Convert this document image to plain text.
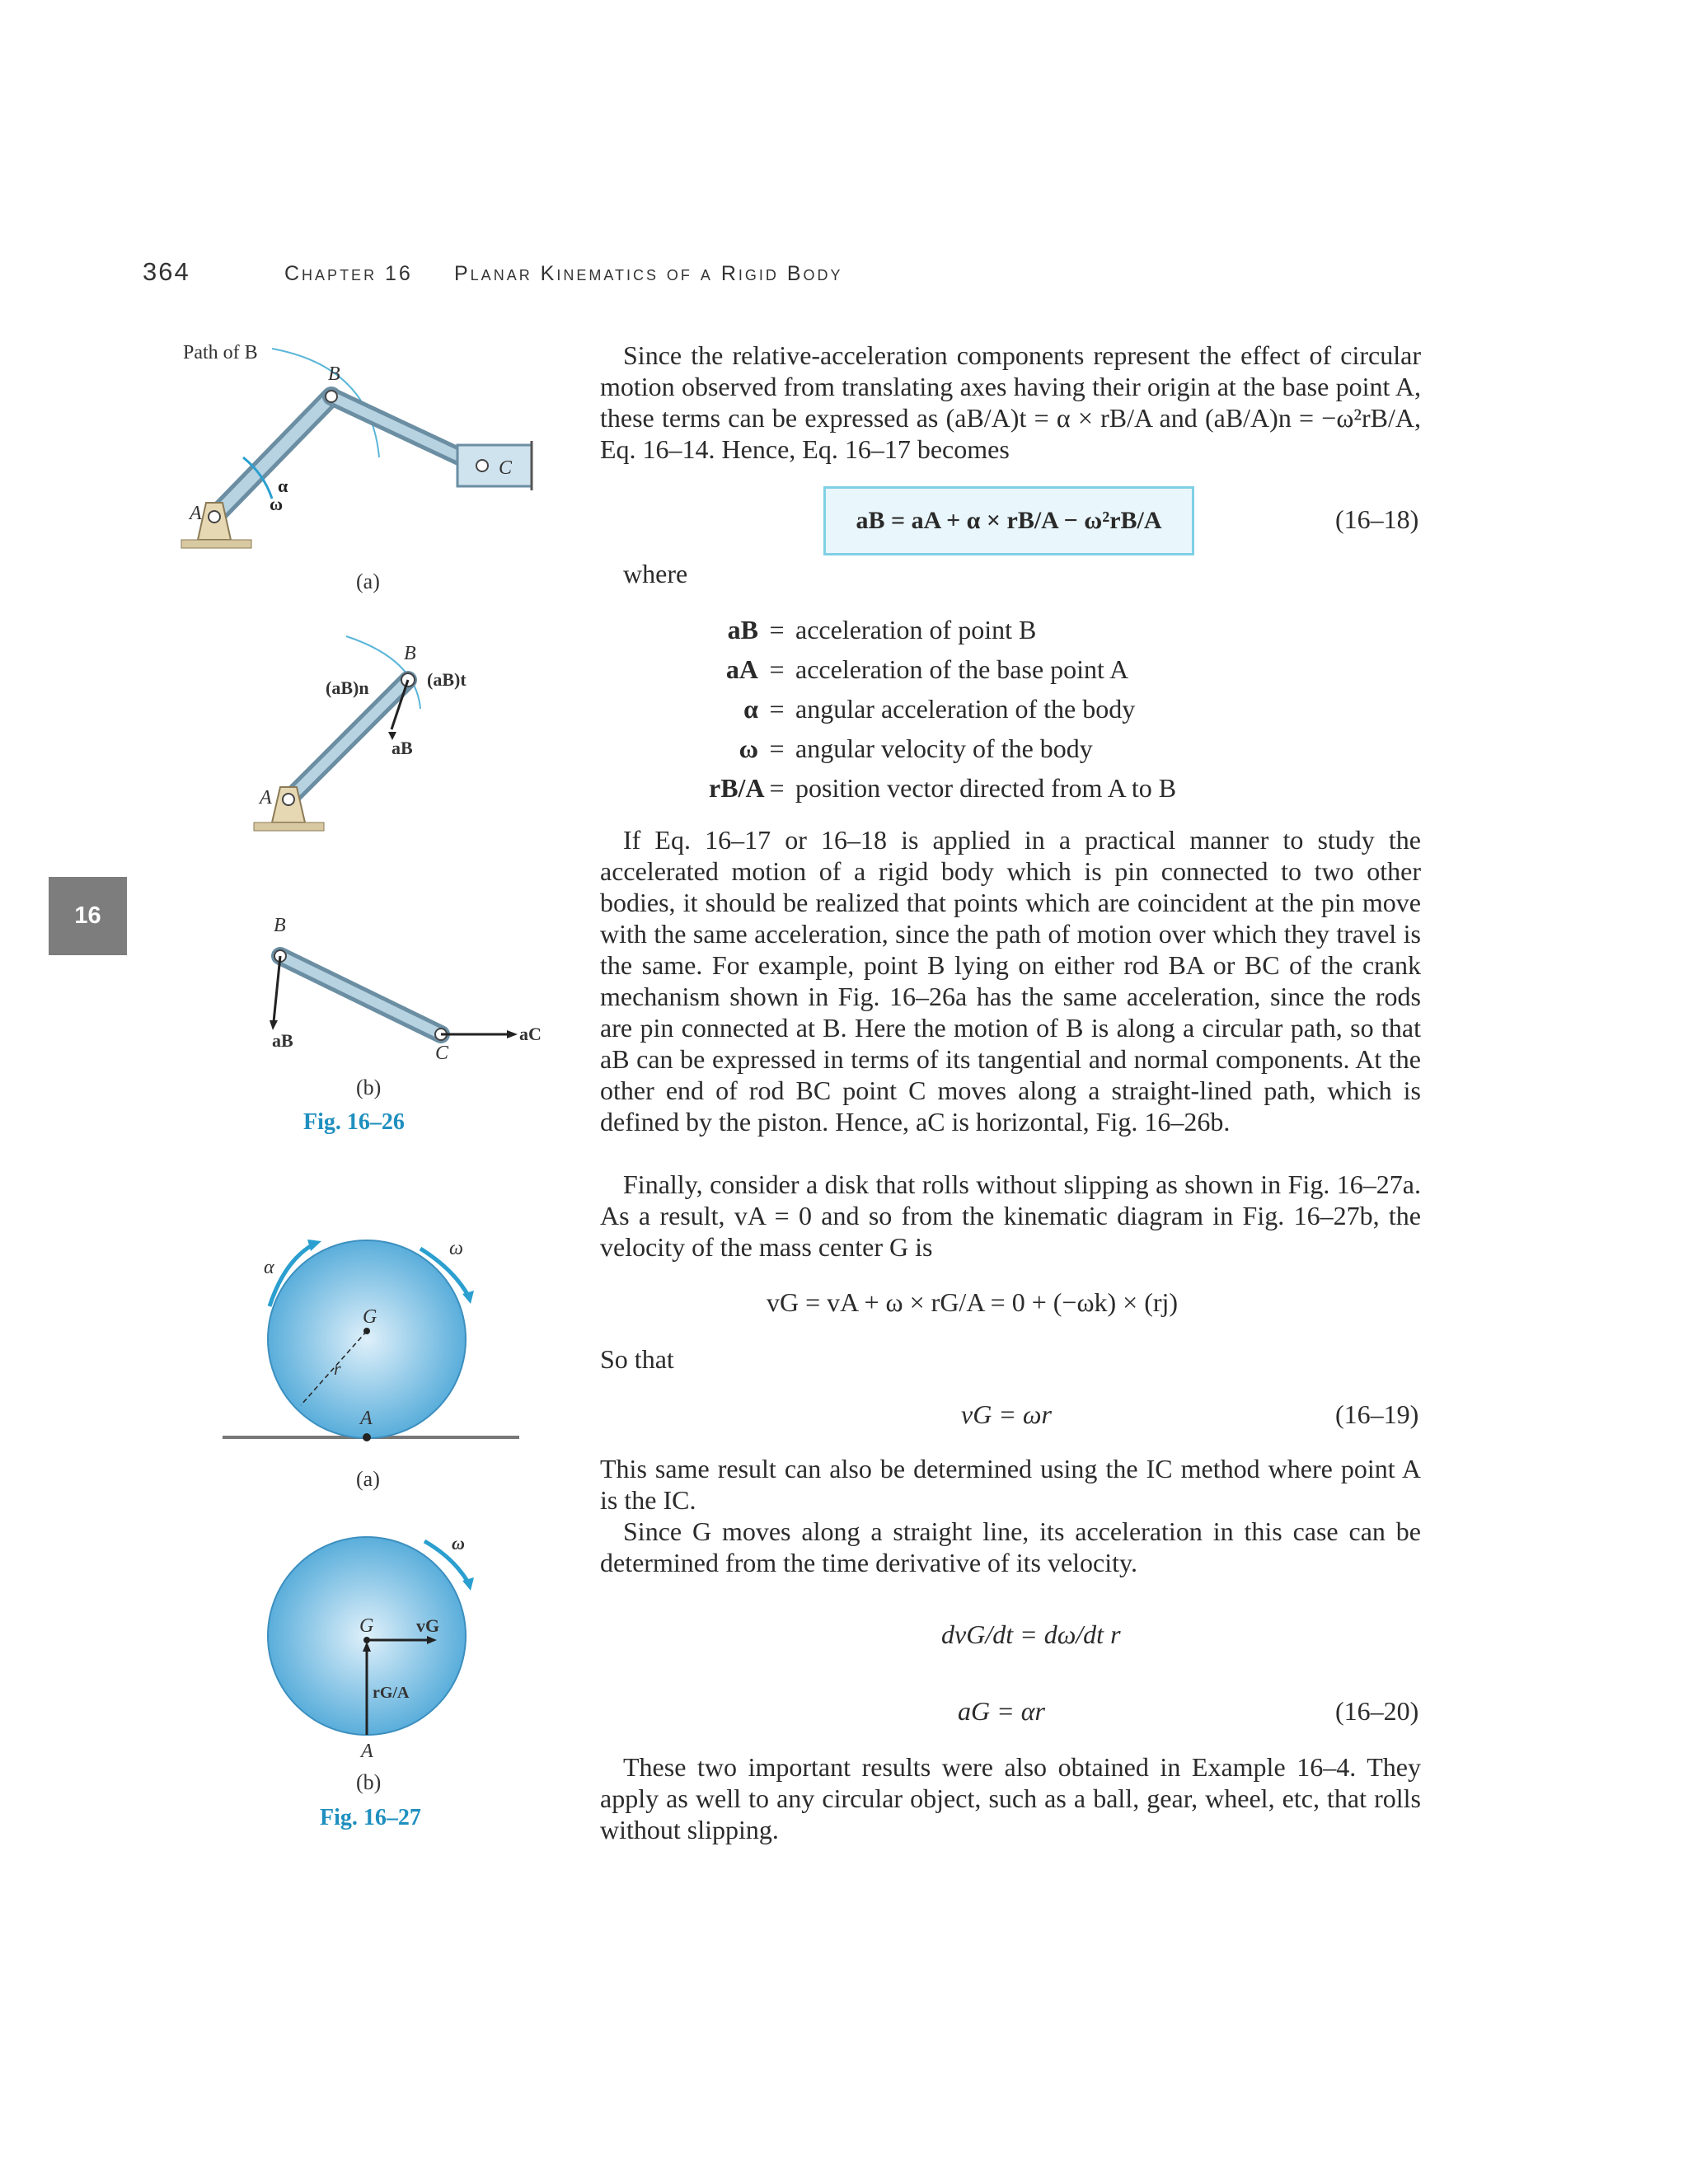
364	Chapter 16 Planar Kinematics of a Rigid Body
16
Path of B
α
ω
B
A
C
(a)
B
A
(aB)n	(aB)t
aB
B
C
aB	aC
(b)
Fig. 16–26
α
ω
G
r
A
(a)
ω
G vG
rG/A
A
(b)
Fig. 16–27
Since the relative-acceleration components represent the effect of circular motion observed from translating axes having their origin at the base point A, these terms can be expressed as (aB/A)t = α × rB/A and (aB/A)n = −ω²rB/A, Eq. 16–14. Hence, Eq. 16–17 becomes
aB = aA + α × rB/A − ω²rB/A	(16–18)
where
aB = acceleration of point B
aA = acceleration of the base point A
α = angular acceleration of the body
ω = angular velocity of the body
rB/A = position vector directed from A to B
If Eq. 16–17 or 16–18 is applied in a practical manner to study the accelerated motion of a rigid body which is pin connected to two other bodies, it should be realized that points which are coincident at the pin move with the same acceleration, since the path of motion over which they travel is the same. For example, point B lying on either rod BA or BC of the crank mechanism shown in Fig. 16–26a has the same acceleration, since the rods are pin connected at B. Here the motion of B is along a circular path, so that aB can be expressed in terms of its tangential and normal components. At the other end of rod BC point C moves along a straight-lined path, which is defined by the piston. Hence, aC is horizontal, Fig. 16–26b.
Finally, consider a disk that rolls without slipping as shown in Fig. 16–27a. As a result, vA = 0 and so from the kinematic diagram in Fig. 16–27b, the velocity of the mass center G is
vG = vA + ω × rG/A = 0 + (−ωk) × (rj)
So that
vG = ωr	(16–19)
This same result can also be determined using the IC method where point A is the IC.
Since G moves along a straight line, its acceleration in this case can be determined from the time derivative of its velocity.
dvG/dt = dω/dt r
aG = αr	(16–20)
These two important results were also obtained in Example 16–4. They apply as well to any circular object, such as a ball, gear, wheel, etc, that rolls without slipping.
